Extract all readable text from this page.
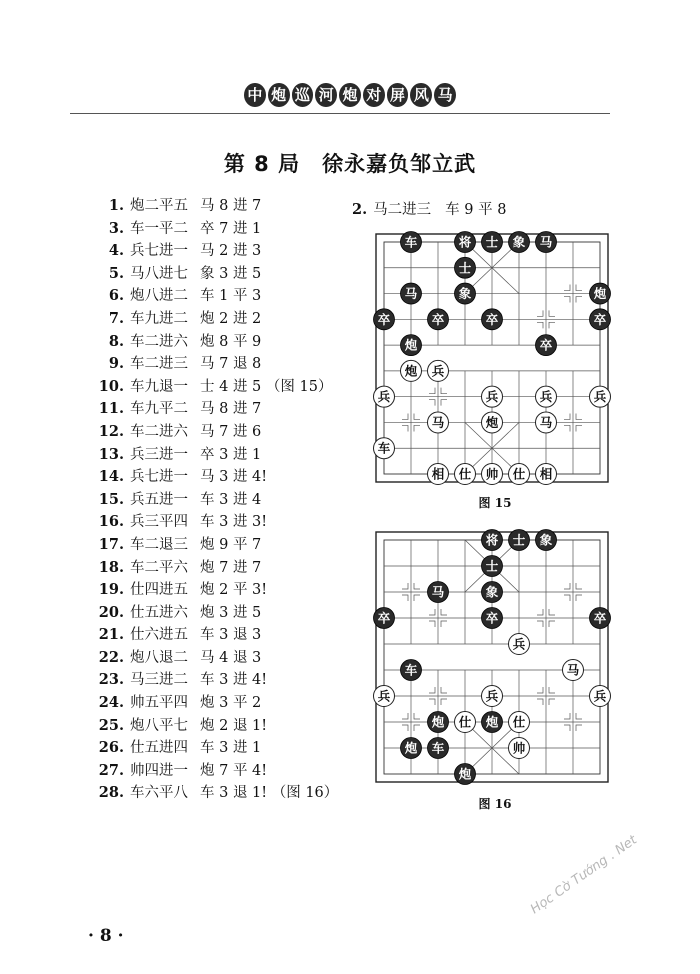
中 炮 巡 河 炮 对 屏 风 马
第 8 局　徐永嘉负邹立武
1. 炮二平五 马 8 进 7
3. 车一平二 卒 7 进 1
4. 兵七进一 马 2 进 3
5. 马八进七 象 3 进 5
6. 炮八进二 车 1 平 3
7. 车九进二 炮 2 进 2
8. 车二进六 炮 8 平 9
9. 车二进三 马 7 退 8
10. 车九退一 士 4 进 5 （图 15）
11. 车九平二 马 8 进 7
12. 车二进六 马 7 进 6
13. 兵三进一 卒 3 进 1
14. 兵七进一 马 3 进 4!
15. 兵五进一 车 3 进 4
16. 兵三平四 车 3 进 3!
17. 车二退三 炮 9 平 7
18. 车二平六 炮 7 进 7
19. 仕四进五 炮 2 平 3!
20. 仕五进六 炮 3 进 5
21. 仕六进五 车 3 退 3
22. 炮八退二 马 4 退 3
23. 马三进二 车 3 进 4!
24. 帅五平四 炮 3 平 2
25. 炮八平七 炮 2 退 1!
26. 仕五进四 车 3 进 1
27. 帅四进一 炮 7 平 4!
28. 车六平八 车 3 退 1! （图 16）
2. 马二进三 车 9 平 8
车	将 士 象 马
士
马	象	炮
卒	卒	卒	卒
炮	卒
炮 兵
兵	兵	兵	兵
马	炮	马
车
相 仕 帅 仕 相
图 15
将 士 象
士
马	象
卒	卒	卒
兵
车	马
兵	兵	兵
炮 仕 炮 仕
炮 车	帅
炮
图 16
· 8 ·
Học Cờ Tướng . Net
